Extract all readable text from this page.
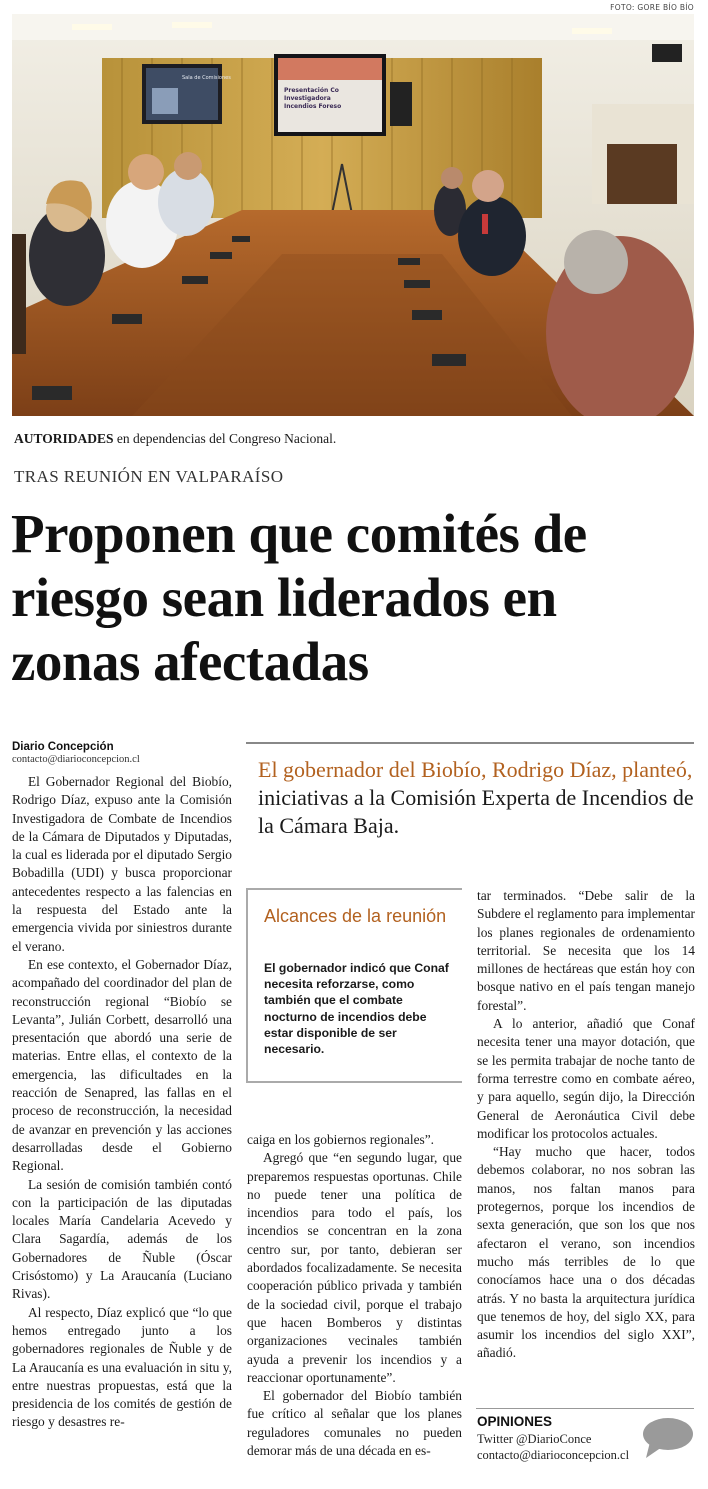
FOTO: GORE BÍO BÍO
Sala de Comisiones
Presentación Co
Investigadora
Incendios Foreso
AUTORIDADES en dependencias del Congreso Nacional.
TRAS REUNIÓN EN VALPARAÍSO
Proponen que comités de
riesgo sean liderados en
zonas afectadas
Diario Concepción
contacto@diarioconcepcion.cl	El gobernador del Biobío, Rodrigo Díaz, planteó, iniciativas a la Comisión Experta de Incendios de la Cámara Baja.

El Gobernador Regional del Biobío, Rodrigo Díaz, expuso ante la Comisión Investigadora de Combate de Incendios de la Cámara de Diputados y Diputadas, la cual es liderada por el diputado Sergio Bobadilla (UDI) y busca proporcionar antecedentes respecto a las falencias en la respuesta del Estado ante la emergencia vivida por siniestros durante el verano.

En ese contexto, el Gobernador Díaz, acompañado del coordinador del plan de reconstrucción regional “Biobío se Levanta”, Julián Corbett, desarrolló una presentación que abordó una serie de materias. Entre ellas, el contexto de la emergencia, las dificultades en la reacción de Senapred, las fallas en el proceso de reconstrucción, la necesidad de avanzar en prevención y las acciones desarrolladas desde el Gobierno Regional.

La sesión de comisión también contó con la participación de las diputadas locales María Candelaria Acevedo y Clara Sagardía, además de los Gobernadores de Ñuble (Óscar Crisóstomo) y La Araucanía (Luciano Rivas).

Al respecto, Díaz explicó que “lo que hemos entregado junto a los gobernadores regionales de Ñuble y de La Araucanía es una evaluación in situ y, entre nuestras propuestas, está que la presidencia de los comités de gestión de riesgo y desastres re-

Alcances de la reunión
El gobernador indicó que Conaf necesita reforzarse, como también que el combate nocturno de incendios debe estar disponible de ser necesario.

caiga en los gobiernos regionales”.

Agregó que “en segundo lugar, que preparemos respuestas oportunas. Chile no puede tener una política de incendios para todo el país, los incendios se concentran en la zona centro sur, por tanto, debieran ser abordados focalizadamente. Se necesita cooperación público privada y también de la sociedad civil, porque el trabajo que hacen Bomberos y distintas organizaciones vecinales también ayuda a prevenir los incendios y a reaccionar oportunamente”.

El gobernador del Biobío también fue crítico al señalar que los planes reguladores comunales no pueden demorar más de una década en es-

tar terminados. “Debe salir de la Subdere el reglamento para implementar los planes regionales de ordenamiento territorial. Se necesita que los 14 millones de hectáreas que están hoy con bosque nativo en el país tengan manejo forestal”.

A lo anterior, añadió que Conaf necesita tener una mayor dotación, que se les permita trabajar de noche tanto de forma terrestre como en combate aéreo, y para aquello, según dijo, la Dirección General de Aeronáutica Civil debe modificar los protocolos actuales.

“Hay mucho que hacer, todos debemos colaborar, no nos sobran las manos, nos faltan manos para protegernos, porque los incendios de sexta generación, que son los que nos afectaron el verano, son incendios mucho más terribles de lo que conocíamos hace una o dos décadas atrás. Y no basta la arquitectura jurídica que tenemos de hoy, del siglo XX, para asumir los incendios del siglo XXI”, añadió.

OPINIONES
Twitter @DiarioConce
contacto@diarioconcepcion.cl
